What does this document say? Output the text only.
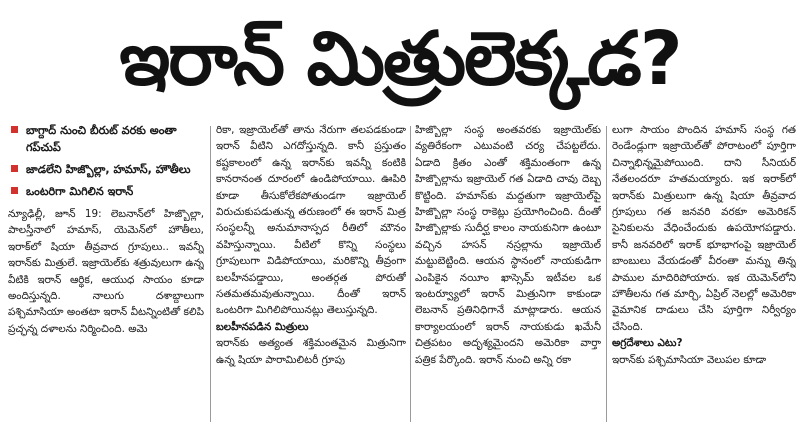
ఇరాన్‌ మిత్రులెక్కడ?
బాగ్దాద్‌ నుంచి బీరుట్‌ వరకు అంతా గప్‌చుప్‌
జాడలేని హిజ్బొల్లా, హమాస్‌, హౌతీలు
ఒంటరిగా మిగిలిన ఇరాన్‌

న్యూఢిల్లీ, జూన్‌ 19: లెబనాన్‌లో హిజ్బొల్లా, పాలస్తీనాలో హమాస్‌, యెమెన్‌లో హౌతీలు, ఇరాక్‌లో షియా తీవ్రవాద గ్రూపులు.. ఇవన్నీ ఇరాన్‌కు మిత్రులే. ఇజ్రాయెల్‌కు శత్రువులుగా ఉన్న వీటికి ఇరాన్‌ ఆర్థిక, ఆయుధ సాయం కూడా అందిస్తున్నది. నాలుగు దశాబ్దాలుగా పశ్చిమాసియా అంతటా ఇరాన్‌ వీటన్నింటితో కలిపి ప్రచ్ఛన్న దళాలను నిర్మించింది. అమె

రికా, ఇజ్రాయెల్‌తో తాను నేరుగా తలపడకుండా ఇరాన్‌ వీటిని ఎగదోస్తున్నది. కానీ ప్రస్తుతం కష్టకాలంలో ఉన్న ఇరాన్‌కు ఇవన్నీ కంటికి కానరానంత దూరంలో ఉండిపోయాయి. ఊపిరి కూడా తీసుకోలేకపోతుండగా ఇజ్రాయెల్‌ విరుచుకుపడుతున్న తరుణంలో ఈ ఇరాన్‌ మిత్ర సంస్థలన్నీ అనుమానాస్పద రీతిలో మౌనం వహిస్తున్నాయి. వీటిలో కొన్ని సంస్థలు గ్రూపులుగా విడిపోయాయి, మరికొన్ని తీవ్రంగా బలహీనపడ్డాయి, అంతర్గత పోరుతో సతమతమవుతున్నాయి. దీంతో ఇరాన్‌ ఒంటరిగా మిగిలిపోయినట్లు తెలుస్తున్నది.

బలహీనపడిన మిత్రులు

ఇరాన్‌కు అత్యంత శక్తిమంతమైన మిత్రునిగా ఉన్న షియా పారామిలిటరీ గ్రూపు

హిజ్బొల్లా సంస్థ అంతవరకు ఇజ్రాయెల్‌కు వ్యతిరేకంగా ఎటువంటి చర్య చేపట్టలేదు. ఏడాది క్రితం ఎంతో శక్తిమంతంగా ఉన్న హిజ్బొల్లాను ఇజ్రాయెల్‌ గత ఏడాది చావు దెబ్బ కొట్టింది. హమాస్‌కు మద్దతుగా ఇజ్రాయెల్‌పై హిజ్బొల్లా సంస్థ రాకెట్లు ప్రయోగించింది. దీంతో హిజ్బొల్లాకు సుదీర్ఘ కాలం నాయకునిగా ఉంటూ వచ్చిన హసన్‌ నస్రల్లాను ఇజ్రాయెల్‌ మట్టుబెట్టింది. ఆయన స్థానంలో నాయకుడిగా ఎంపికైన నయీం ఖాస్సెమ్‌ ఇటీవల ఒక ఇంటర్వ్యూలో ఇరాన్‌ మిత్రునిగా కాకుండా లెబనాన్‌ ప్రతినిధిగానే మాట్లాడారు. ఆయన కార్యాలయంలో ఇరాన్‌ నాయకుడు ఖమేనీ చిత్రపటం అదృశ్యమైందని అమెరికా వార్తా పత్రిక పేర్కొంది. ఇరాన్‌ నుంచి అన్ని రకా

లుగా సాయం పొందిన హమాస్‌ సంస్థ గత రెండేండ్లుగా ఇజ్రాయెల్‌తో పోరాటంలో పూర్తిగా చిన్నాభిన్నమైపోయింది. దాని సీనియర్‌ నేతలందరూ హతమయ్యారు. ఇక ఇరాక్‌లో ఇరాన్‌కు మిత్రులుగా ఉన్న షియా తీవ్రవాద గ్రూపులు గత జనవరి వరకూ అమెరికన్‌ సైనికులను వేధించేందుకు ఉపయోగపడ్డారు. కానీ జనవరిలో ఇరాక్‌ భూభాగంపై ఇజ్రాయెల్‌ బాంబులు వేయడంతో వీరంతా మన్ను తిన్న పాముల మాదిరిపోయారు. ఇక యెమెన్‌లోని హౌతీలను గత మార్చి, ఏప్రిల్‌ నెలల్లో అమెరికా వైమానిక దాడులు చేసి పూర్తిగా నిర్వీర్యం చేసింది.

అగ్రదేశాలు ఎటు?

ఇరాన్‌కు పశ్చిమాసియా వెలుపల కూడా
